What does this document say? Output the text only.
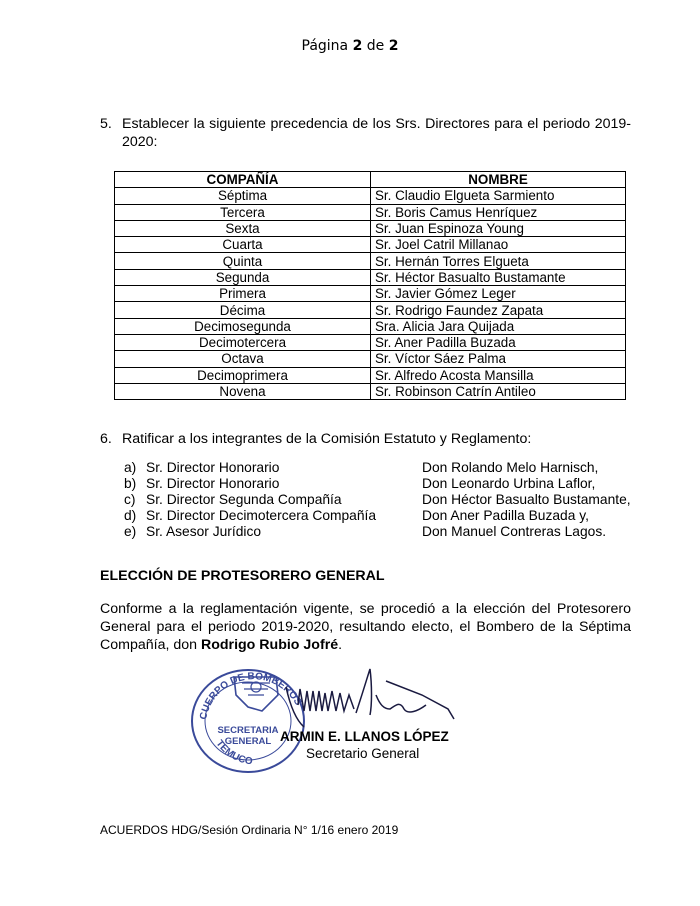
Página 2 de 2
5. Establecer la siguiente precedencia de los Srs. Directores para el periodo 2019-2020:
COMPAÑÍA	NOMBRE
Séptima	Sr. Claudio Elgueta Sarmiento
Tercera	Sr. Boris Camus Henríquez
Sexta	Sr. Juan Espinoza Young
Cuarta	Sr. Joel Catril Millanao
Quinta	Sr. Hernán Torres Elgueta
Segunda	Sr. Héctor Basualto Bustamante
Primera	Sr. Javier Gómez Leger
Décima	Sr. Rodrigo Faundez Zapata
Decimosegunda	Sra. Alicia Jara Quijada
Decimotercera	Sr. Aner Padilla Buzada
Octava	Sr. Víctor Sáez Palma
Decimoprimera	Sr. Alfredo Acosta Mansilla
Novena	Sr. Robinson Catrín Antileo
6. Ratificar a los integrantes de la Comisión Estatuto y Reglamento:
a) Sr. Director Honorario	Don Rolando Melo Harnisch,
b) Sr. Director Honorario	Don Leonardo Urbina Laflor,
c) Sr. Director Segunda Compañía	Don Héctor Basualto Bustamante,
d) Sr. Director Decimotercera Compañía	Don Aner Padilla Buzada y,
e) Sr. Asesor Jurídico	Don Manuel Contreras Lagos.
ELECCIÓN DE PROTESORERO GENERAL
Conforme a la reglamentación vigente, se procedió a la elección del Protesorero General para el periodo 2019-2020, resultando electo, el Bombero de la Séptima Compañía, don Rodrigo Rubio Jofré.
CUERPO DE BOMBEROS
SECRETARIA
GENERAL
TEMUCO
ARMIN E. LLANOS LÓPEZ
Secretario General
ACUERDOS HDG/Sesión Ordinaria N° 1/16 enero 2019
